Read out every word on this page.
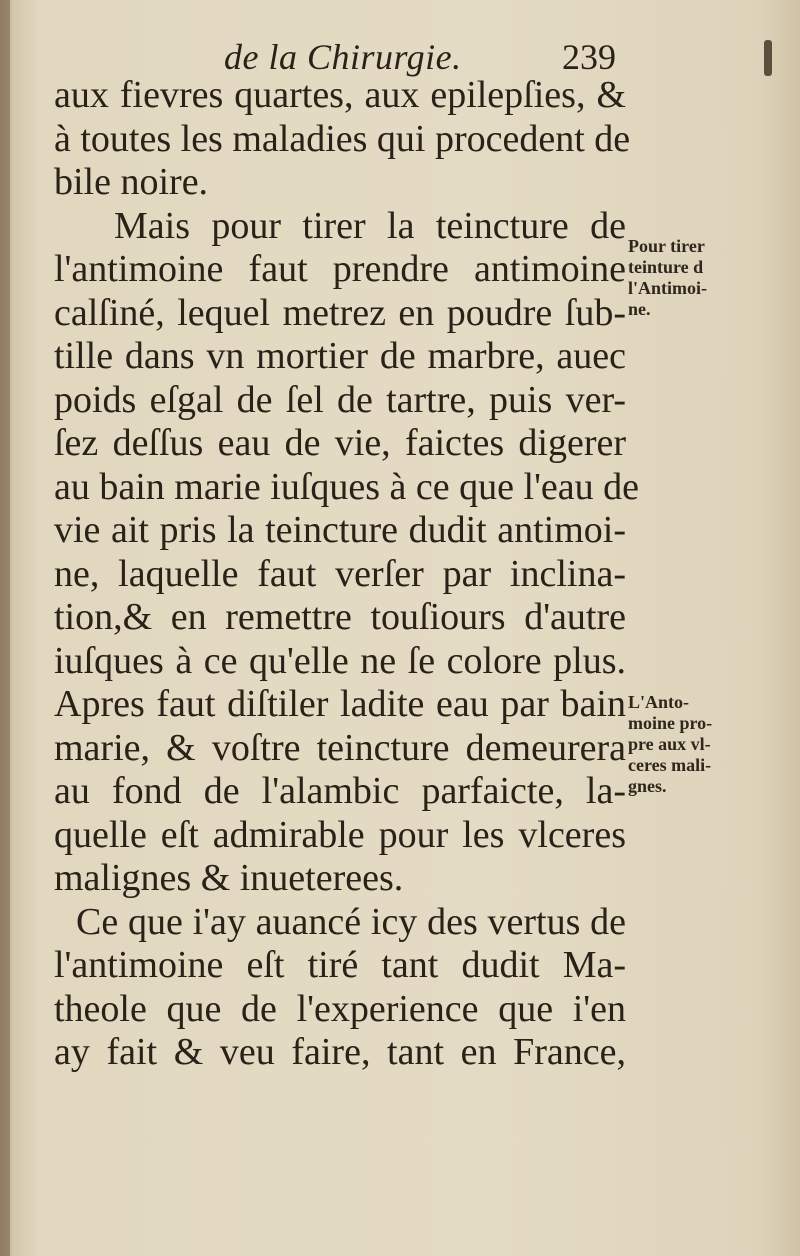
de la Chirurgie.	239
aux fievres quartes, aux epilepſies, &
à toutes les maladies qui procedent de
bile noire.
Mais pour tirer la teincture de
l'antimoine faut prendre antimoine
calſiné, lequel metrez en poudre ſub-
tille dans vn mortier de marbre, auec
poids eſgal de ſel de tartre, puis ver-
ſez deſſus eau de vie, faictes digerer
au bain marie iuſques à ce que l'eau de
vie ait pris la teincture dudit antimoi-
ne, laquelle faut verſer par inclina-
tion,& en remettre touſiours d'autre
iuſques à ce qu'elle ne ſe colore plus.
Apres faut diſtiler ladite eau par bain
marie, & voſtre teincture demeurera
au fond de l'alambic parfaicte, la-
quelle eſt admirable pour les vlceres
malignes & inueterees.
Ce que i'ay auancé icy des vertus de
l'antimoine eſt tiré tant dudit Ma-
theole que de l'experience que i'en
ay fait & veu faire, tant en France,
Pour tirer
teinture d
l'Antimoi-
ne.
L'Anto-
moine pro-
pre aux vl-
ceres mali-
gnes.
